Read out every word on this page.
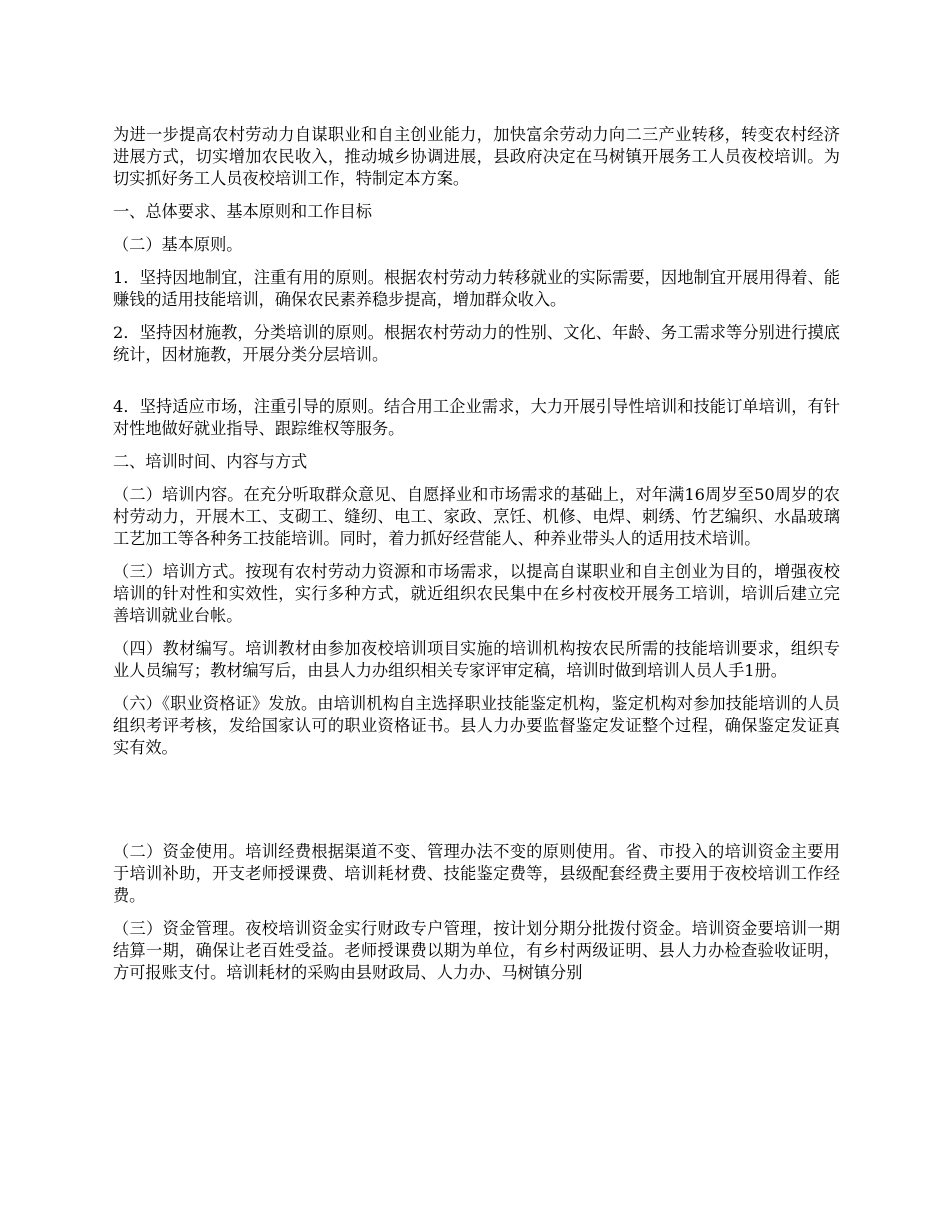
为进一步提高农村劳动力自谋职业和自主创业能力，加快富余劳动力向二三产业转移，转变农村经济进展方式，切实增加农民收入，推动城乡协调进展，县政府决定在马树镇开展务工人员夜校培训。为切实抓好务工人员夜校培训工作，特制定本方案。

一、总体要求、基本原则和工作目标

（二）基本原则。

1．坚持因地制宜，注重有用的原则。根据农村劳动力转移就业的实际需要，因地制宜开展用得着、能赚钱的适用技能培训，确保农民素养稳步提高，增加群众收入。

2．坚持因材施教，分类培训的原则。根据农村劳动力的性别、文化、年龄、务工需求等分别进行摸底统计，因材施教，开展分类分层培训。

4．坚持适应市场，注重引导的原则。结合用工企业需求，大力开展引导性培训和技能订单培训，有针对性地做好就业指导、跟踪维权等服务。

二、培训时间、内容与方式

（二）培训内容。在充分听取群众意见、自愿择业和市场需求的基础上，对年满16周岁至50周岁的农村劳动力，开展木工、支砌工、缝纫、电工、家政、烹饪、机修、电焊、刺绣、竹艺编织、水晶玻璃工艺加工等各种务工技能培训。同时，着力抓好经营能人、种养业带头人的适用技术培训。

（三）培训方式。按现有农村劳动力资源和市场需求，以提高自谋职业和自主创业为目的，增强夜校培训的针对性和实效性，实行多种方式，就近组织农民集中在乡村夜校开展务工培训，培训后建立完善培训就业台帐。

（四）教材编写。培训教材由参加夜校培训项目实施的培训机构按农民所需的技能培训要求，组织专业人员编写；教材编写后，由县人力办组织相关专家评审定稿，培训时做到培训人员人手1册。

（六）《职业资格证》发放。由培训机构自主选择职业技能鉴定机构，鉴定机构对参加技能培训的人员组织考评考核，发给国家认可的职业资格证书。县人力办要监督鉴定发证整个过程，确保鉴定发证真实有效。

（二）资金使用。培训经费根据渠道不变、管理办法不变的原则使用。省、市投入的培训资金主要用于培训补助，开支老师授课费、培训耗材费、技能鉴定费等，县级配套经费主要用于夜校培训工作经费。

（三）资金管理。夜校培训资金实行财政专户管理，按计划分期分批拨付资金。培训资金要培训一期结算一期，确保让老百姓受益。老师授课费以期为单位，有乡村两级证明、县人力办检查验收证明，方可报账支付。培训耗材的采购由县财政局、人力办、马树镇分别
